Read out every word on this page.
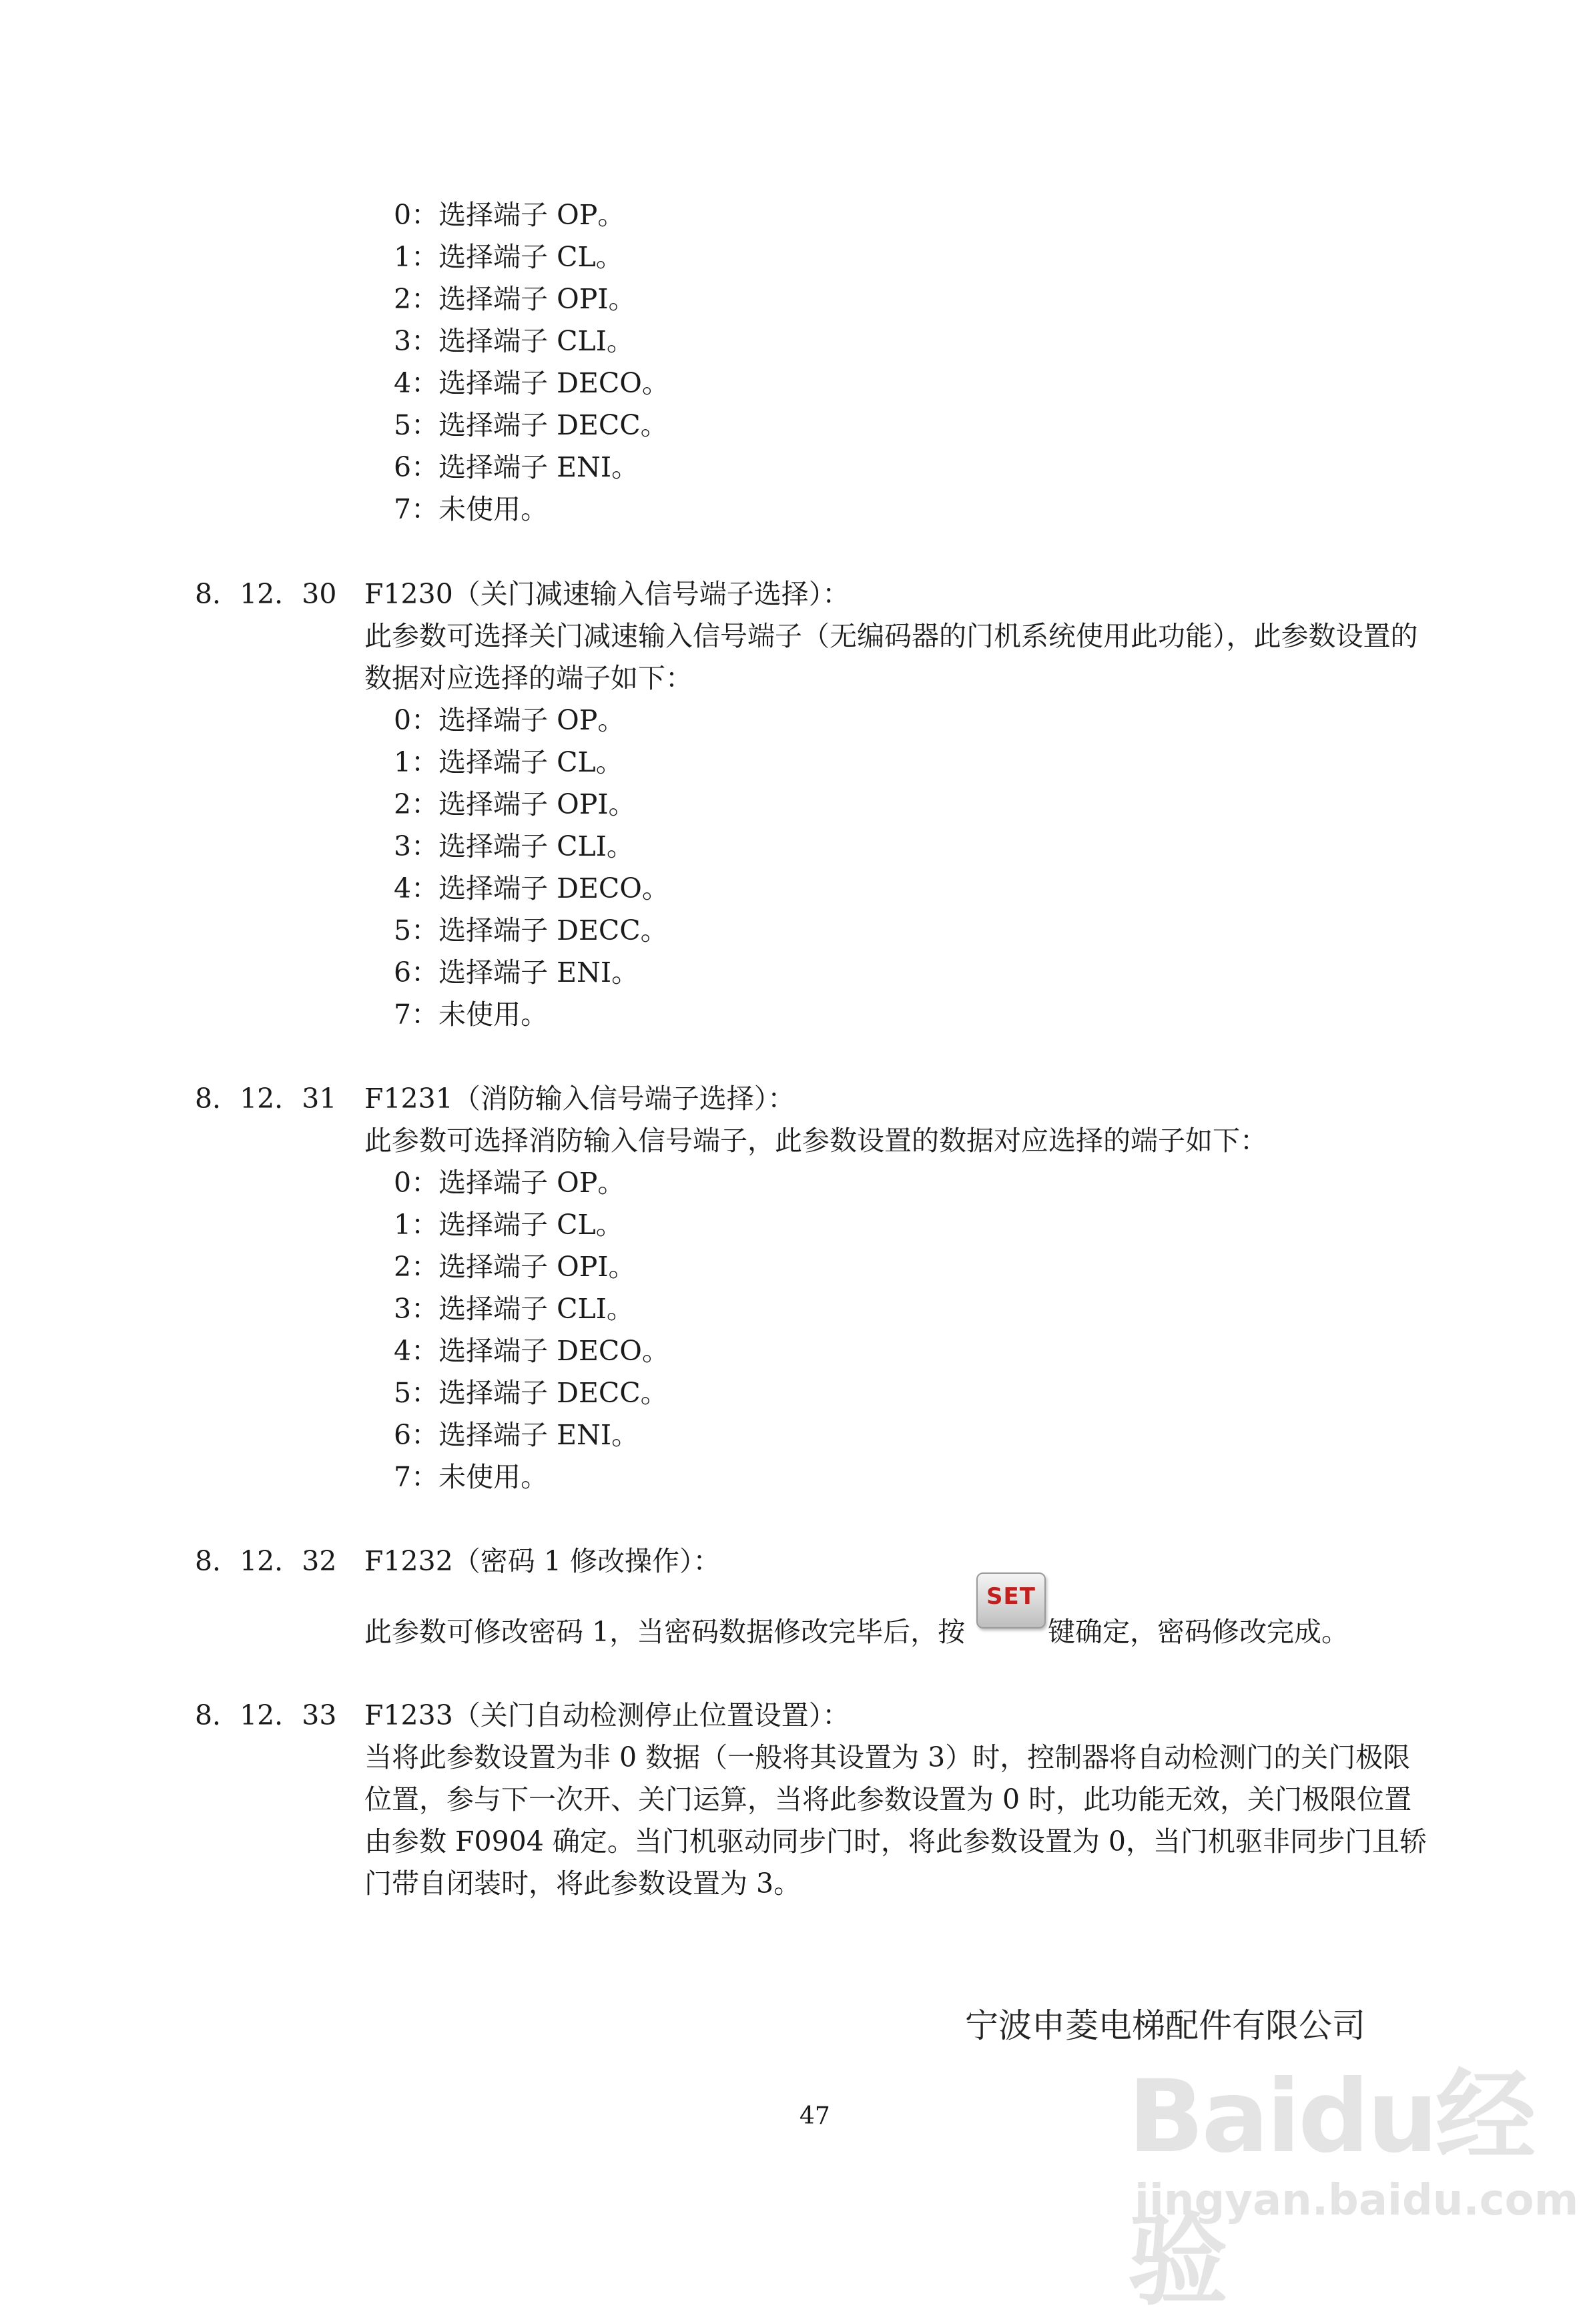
0：选择端子 OP。
1：选择端子 CL。
2：选择端子 OPI。
3：选择端子 CLI。
4：选择端子 DECO。
5：选择端子 DECC。
6：选择端子 ENI。
7：未使用。
8．12．30 F1230（关门减速输入信号端子选择）：
此参数可选择关门减速输入信号端子（无编码器的门机系统使用此功能），此参数设置的
数据对应选择的端子如下：
0：选择端子 OP。
1：选择端子 CL。
2：选择端子 OPI。
3：选择端子 CLI。
4：选择端子 DECO。
5：选择端子 DECC。
6：选择端子 ENI。
7：未使用。
8．12．31 F1231（消防输入信号端子选择）：
此参数可选择消防输入信号端子，此参数设置的数据对应选择的端子如下：
0：选择端子 OP。
1：选择端子 CL。
2：选择端子 OPI。
3：选择端子 CLI。
4：选择端子 DECO。
5：选择端子 DECC。
6：选择端子 ENI。
7：未使用。
8．12．32 F1232（密码 1 修改操作）：
此参数可修改密码 1，当密码数据修改完毕后，按
SET
键确定，密码修改完成。
8．12．33 F1233（关门自动检测停止位置设置）：
当将此参数设置为非 0 数据（一般将其设置为 3）时，控制器将自动检测门的关门极限
位置，参与下一次开、关门运算，当将此参数设置为 0 时，此功能无效，关门极限位置
由参数 F0904 确定。当门机驱动同步门时，将此参数设置为 0，当门机驱非同步门且轿
门带自闭装时，将此参数设置为 3。
宁波申菱电梯配件有限公司
47	Baidu经验
jingyan.baidu.com
